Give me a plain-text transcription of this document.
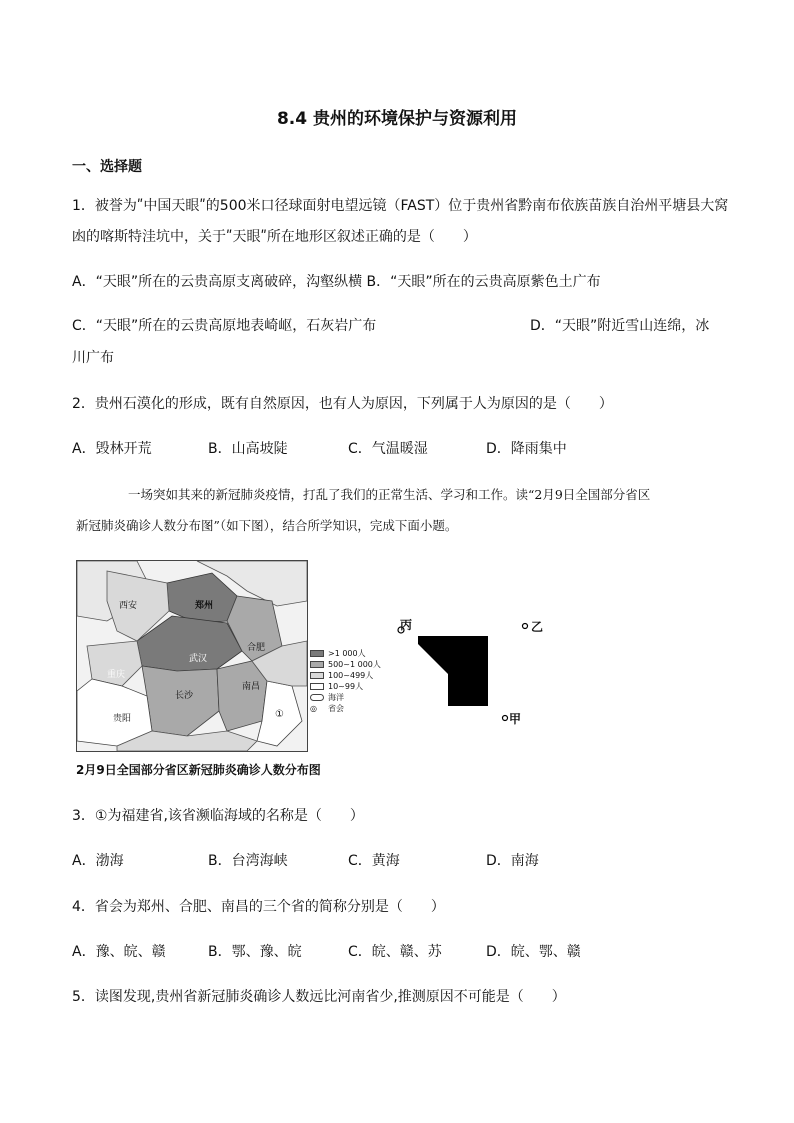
8.4 贵州的环境保护与资源利用
一、选择题
1．被誉为ʺ中国天眼ʺ的500米口径球面射电望远镜（FAST）位于贵州省黔南布依族苗族自治州平塘县大窝
凼的喀斯特洼坑中，关于ʺ天眼ʺ所在地形区叙述正确的是（　　）
A．“天眼”所在的云贵高原支离破碎，沟壑纵横 B．“天眼”所在的云贵高原紫色土广布
C．“天眼”所在的云贵高原地表崎岖，石灰岩广布	D．“天眼”附近雪山连绵，冰
川广布
2．贵州石漠化的形成，既有自然原因，也有人为原因，下列属于人为原因的是（　　）
A．毁林开荒	B．山高坡陡	C．气温暖湿	D．降雨集中
一场突如其来的新冠肺炎疫情，打乱了我们的正常生活、学习和工作。读“2月9日全国部分省区
新冠肺炎确诊人数分布图”（如下图），结合所学知识，完成下面小题。
西安	郑州
合肥
武汉
重庆
长沙
南昌
贵阳	①
>1 000人
500~1 000人
100~499人
10~99人
海洋
◎	省会
丙	乙
甲
2月9日全国部分省区新冠肺炎确诊人数分布图
3．①为福建省,该省濒临海域的名称是（　　）
A．渤海	B．台湾海峡	C．黄海	D．南海
4．省会为郑州、合肥、南昌的三个省的简称分别是（　　）
A．豫、皖、赣	B．鄂、豫、皖	C．皖、赣、苏	D．皖、鄂、赣
5．读图发现,贵州省新冠肺炎确诊人数远比河南省少,推测原因不可能是（　　）
